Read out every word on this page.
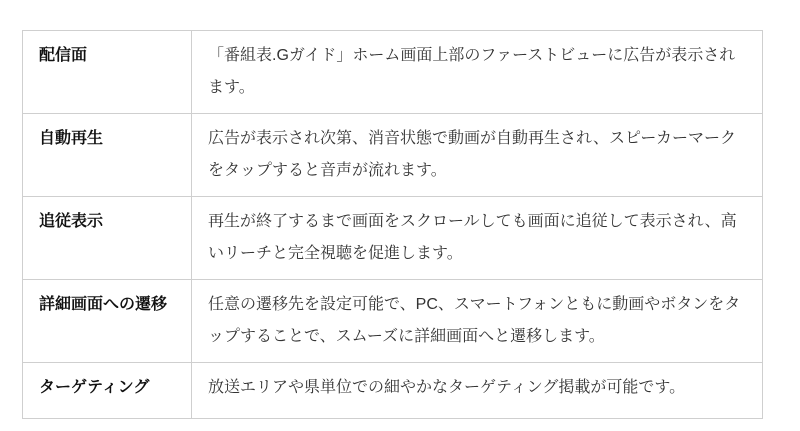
配信面	「番組表.Gガイド」ホーム画面上部のファーストビューに広告が表示されます。
自動再生	広告が表示され次第、消音状態で動画が自動再生され、スピーカーマークをタップすると音声が流れます。
追従表示	再生が終了するまで画面をスクロールしても画面に追従して表示され、高いリーチと完全視聴を促進します。
詳細画面への遷移	任意の遷移先を設定可能で、PC、スマートフォンともに動画やボタンをタップすることで、スムーズに詳細画面へと遷移します。
ターゲティング	放送エリアや県単位での細やかなターゲティング掲載が可能です。
